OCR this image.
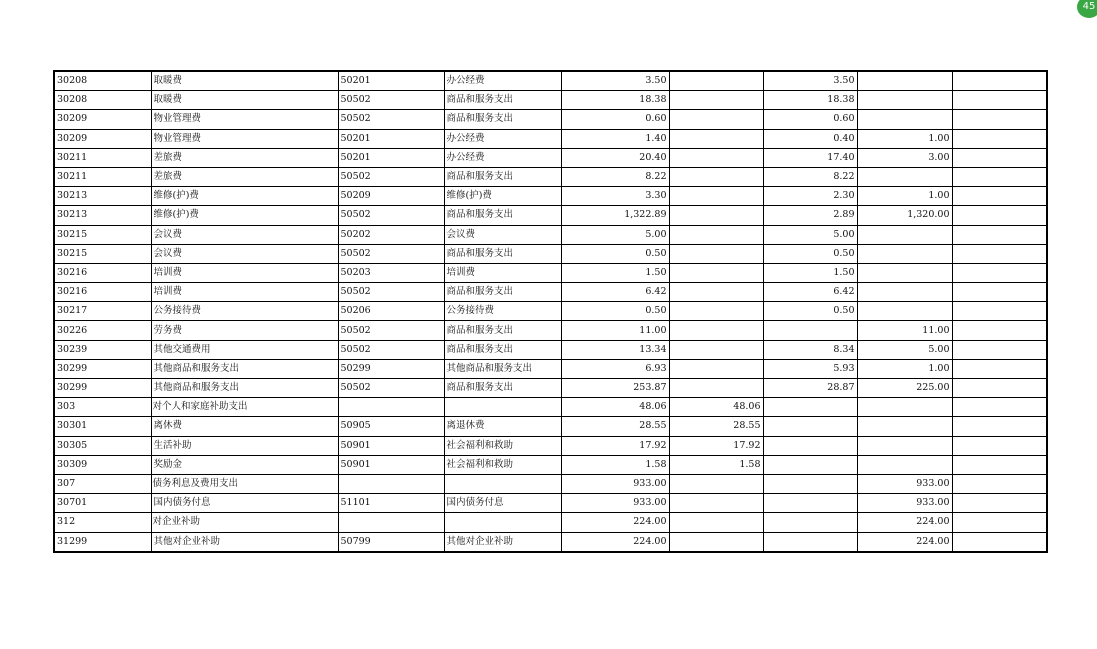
45
30208	取暖费	50201	办公经费	3.50		3.50		
30208	取暖费	50502	商品和服务支出	18.38		18.38		
30209	物业管理费	50502	商品和服务支出	0.60		0.60		
30209	物业管理费	50201	办公经费	1.40		0.40	1.00	
30211	差旅费	50201	办公经费	20.40		17.40	3.00	
30211	差旅费	50502	商品和服务支出	8.22		8.22		
30213	维修(护)费	50209	维修(护)费	3.30		2.30	1.00	
30213	维修(护)费	50502	商品和服务支出	1,322.89		2.89	1,320.00	
30215	会议费	50202	会议费	5.00		5.00		
30215	会议费	50502	商品和服务支出	0.50		0.50		
30216	培训费	50203	培训费	1.50		1.50		
30216	培训费	50502	商品和服务支出	6.42		6.42		
30217	公务接待费	50206	公务接待费	0.50		0.50		
30226	劳务费	50502	商品和服务支出	11.00			11.00	
30239	其他交通费用	50502	商品和服务支出	13.34		8.34	5.00	
30299	其他商品和服务支出	50299	其他商品和服务支出	6.93		5.93	1.00	
30299	其他商品和服务支出	50502	商品和服务支出	253.87		28.87	225.00	
303	对个人和家庭补助支出			48.06	48.06			
30301	离休费	50905	离退休费	28.55	28.55			
30305	生活补助	50901	社会福利和救助	17.92	17.92			
30309	奖励金	50901	社会福利和救助	1.58	1.58			
307	债务利息及费用支出			933.00			933.00	
30701	国内债务付息	51101	国内债务付息	933.00			933.00	
312	对企业补助			224.00			224.00	
31299	其他对企业补助	50799	其他对企业补助	224.00			224.00	
